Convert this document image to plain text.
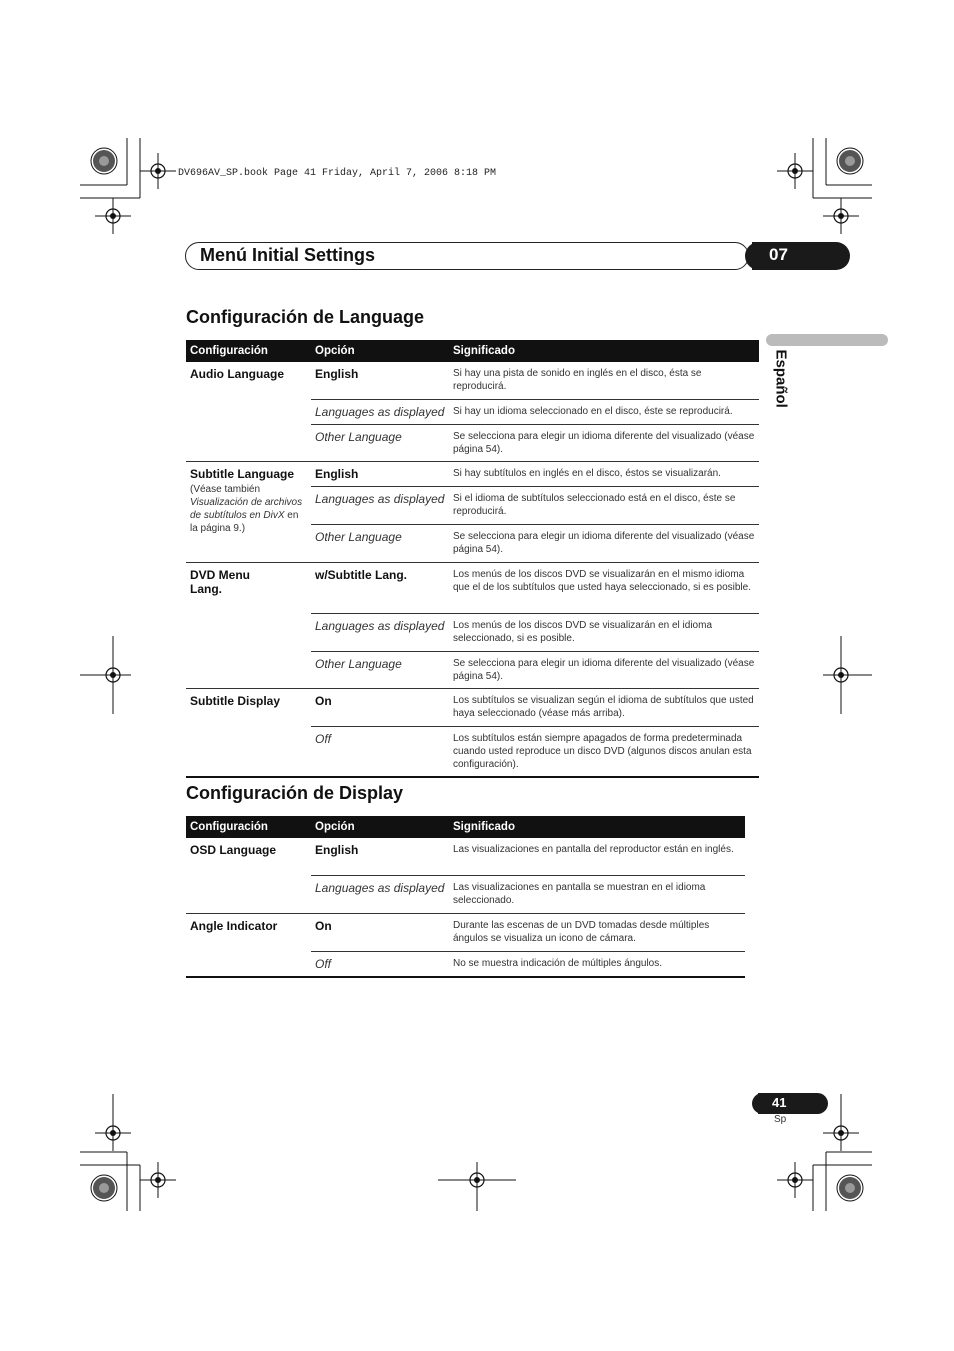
DV696AV_SP.book Page 41 Friday, April 7, 2006 8:18 PM
Menú Initial Settings	07
Español
Configuración de Language
Configuración	Opción	Significado
Audio Language	English	Si hay una pista de sonido en inglés en el disco, ésta se reproducirá.
	Languages as displayed	Si hay un idioma seleccionado en el disco, éste se reproducirá.
	Other Language	Se selecciona para elegir un idioma diferente del visualizado (véase página 54).
Subtitle Language
(Véase también Visualización de archivos de subtítulos en DivX en la página 9.)	English	Si hay subtítulos en inglés en el disco, éstos se visualizarán.
	Languages as displayed	Si el idioma de subtítulos seleccionado está en el disco, éste se reproducirá.
	Other Language	Se selecciona para elegir un idioma diferente del visualizado (véase página 54).
DVD Menu Lang.	w/Subtitle Lang.	Los menús de los discos DVD se visualizarán en el mismo idioma que el de los subtítulos que usted haya seleccionado, si es posible.
	Languages as displayed	Los menús de los discos DVD se visualizarán en el idioma seleccionado, si es posible.
	Other Language	Se selecciona para elegir un idioma diferente del visualizado (véase página 54).
Subtitle Display	On	Los subtítulos se visualizan según el idioma de subtítulos que usted haya seleccionado (véase más arriba).
	Off	Los subtítulos están siempre apagados de forma predeterminada cuando usted reproduce un disco DVD (algunos discos anulan esta configuración).
Configuración de Display
Configuración	Opción	Significado
OSD Language	English	Las visualizaciones en pantalla del reproductor están en inglés.
	Languages as displayed	Las visualizaciones en pantalla se muestran en el idioma seleccionado.
Angle Indicator	On	Durante las escenas de un DVD tomadas desde múltiples ángulos se visualiza un icono de cámara.
	Off	No se muestra indicación de múltiples ángulos.
41
Sp
